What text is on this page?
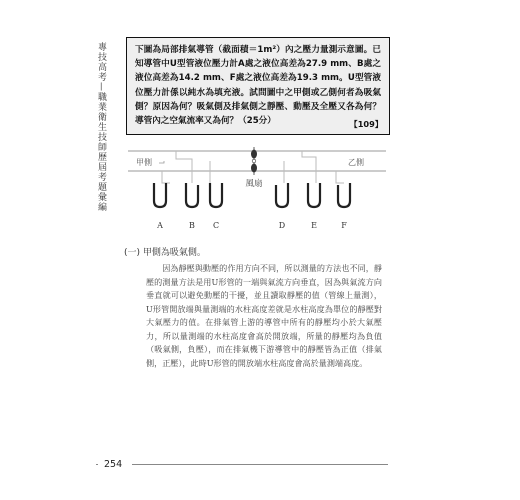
專技高考—職業衛生技師歷屆考題彙編	下圖為局部排氣導管（截面積＝1m²）內之壓力量測示意圖。已知導管中U型管液位壓力計A處之液位高差為27.9 mm、B處之液位高差為14.2 mm、F處之液位高差為19.3 mm。U型管液位壓力計係以純水為填充液。試問圖中之甲側或乙側何者為吸氣側？原因為何？吸氣側及排氣側之靜壓、動壓及全壓又各為何？導管內之空氣流率又為何？（25分）	【109】
甲側	乙側
風扇
A	B C	D	E	F
(一) 甲側為吸氣側。
因為靜壓與動壓的作用方向不同，所以測量的方法也不同，靜壓的測量方法是用U形管的一端與氣流方向垂直，因為與氣流方向垂直就可以避免動壓的干擾，並且讀取靜壓的值（管線上量測），U形管開放端與量測端的水柱高度差就是水柱高度為單位的靜壓對大氣壓力的值。在排氣管上游的導管中所有的靜壓均小於大氣壓力，所以量測端的水柱高度會高於開放端，所量的靜壓均為負值（吸氣側，負壓），而在排氣機下游導管中的靜壓皆為正值（排氣側，正壓），此時U形管的開放端水柱高度會高於量測端高度。
254
